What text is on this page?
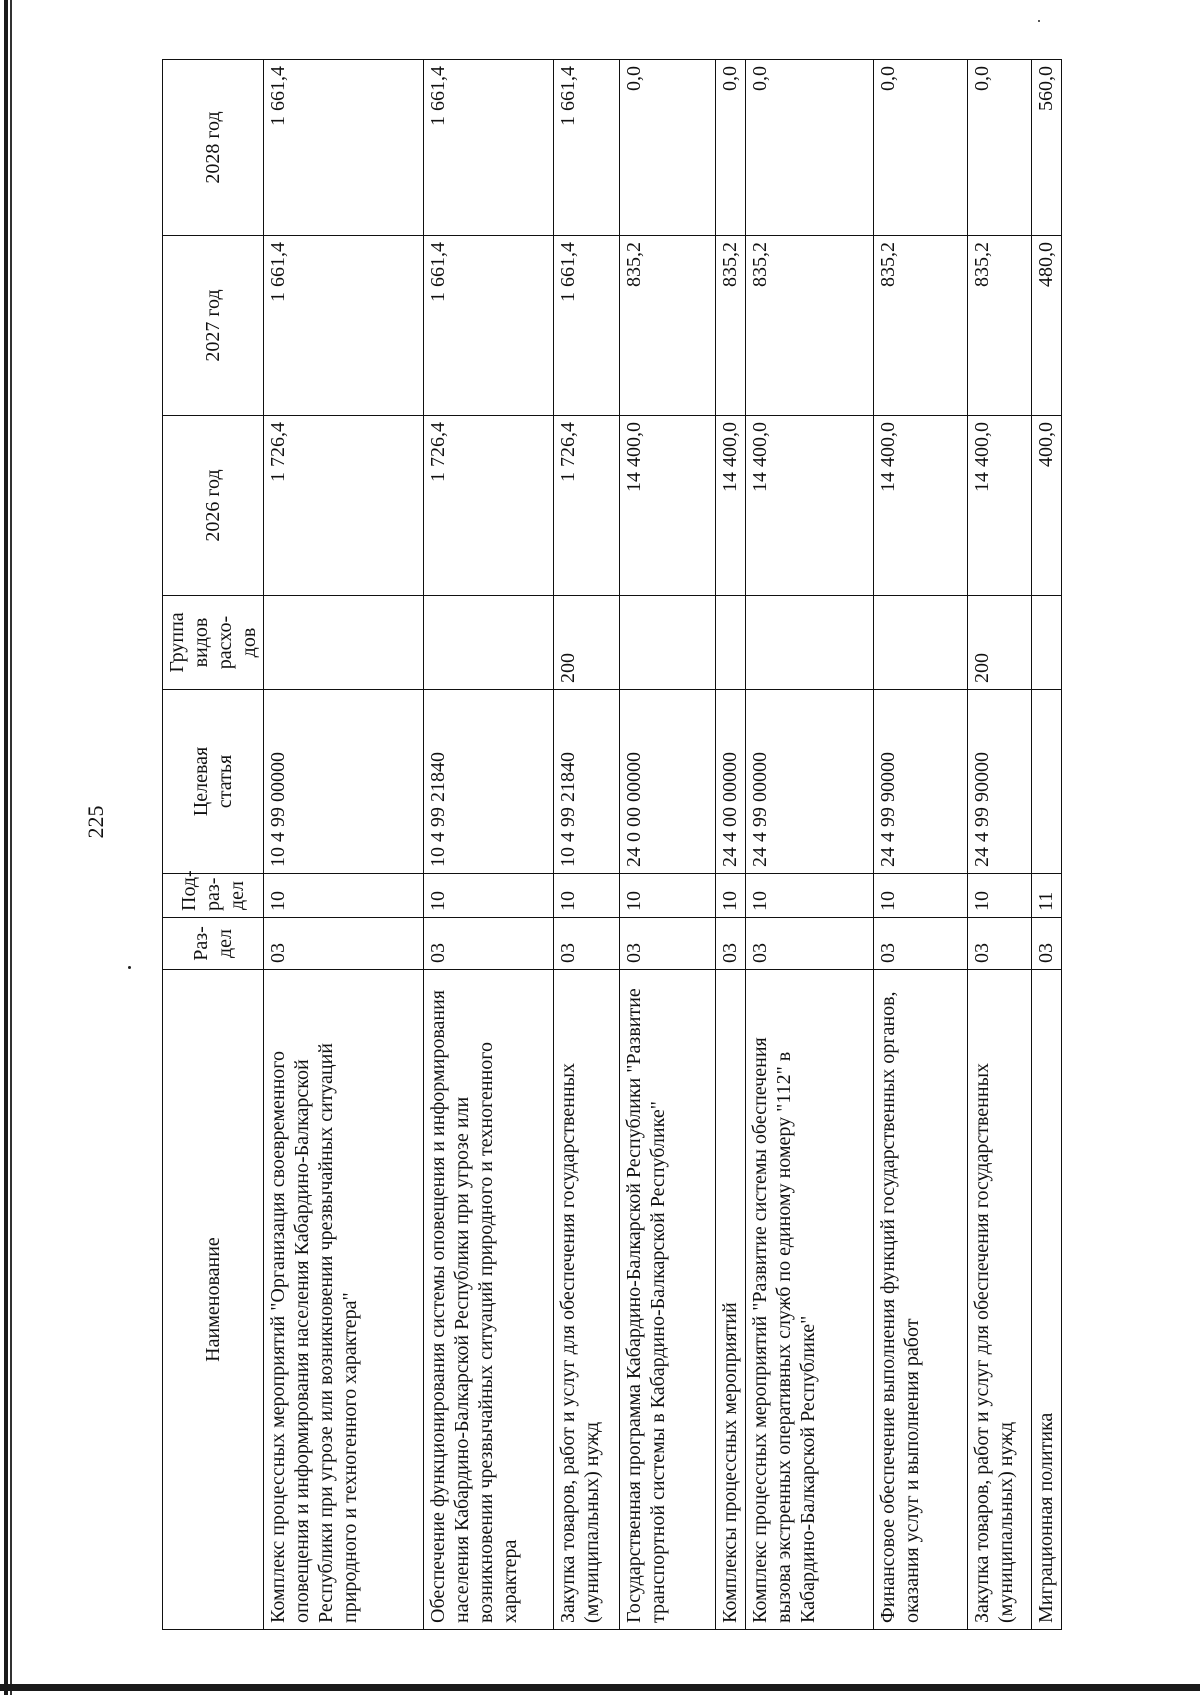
225
Наименование	Раз- дел	Под- раз- дел	Целевая статья	Группа видов расхо- дов	2026 год	2027 год	2028 год
Комплекс процессных мероприятий "Организация своевременного оповещения и информирования населения Кабардино-Балкарской Республики при угрозе или возникновении чрезвычайных ситуаций природного и техногенного характера"	03	10	10 4 99 00000		1 726,4	1 661,4	1 661,4
Обеспечение функционирования системы оповещения и информирования населения Кабардино-Балкарской Республики при угрозе или возникновении чрезвычайных ситуаций природного и техногенного характера	03	10	10 4 99 21840		1 726,4	1 661,4	1 661,4
Закупка товаров, работ и услуг для обеспечения государственных (муниципальных) нужд	03	10	10 4 99 21840	200	1 726,4	1 661,4	1 661,4
Государственная программа Кабардино-Балкарской Республики "Развитие транспортной системы в Кабардино-Балкарской Республике"	03	10	24 0 00 00000		14 400,0	835,2	0,0
Комплексы процессных мероприятий	03	10	24 4 00 00000		14 400,0	835,2	0,0
Комплекс процессных мероприятий "Развитие системы обеспечения вызова экстренных оперативных служб по единому номеру "112" в Кабардино-Балкарской Республике"	03	10	24 4 99 00000		14 400,0	835,2	0,0
Финансовое обеспечение выполнения функций государственных органов, оказания услуг и выполнения работ	03	10	24 4 99 90000		14 400,0	835,2	0,0
Закупка товаров, работ и услуг для обеспечения государственных (муниципальных) нужд	03	10	24 4 99 90000	200	14 400,0	835,2	0,0
Миграционная политика	03	11			400,0	480,0	560,0
